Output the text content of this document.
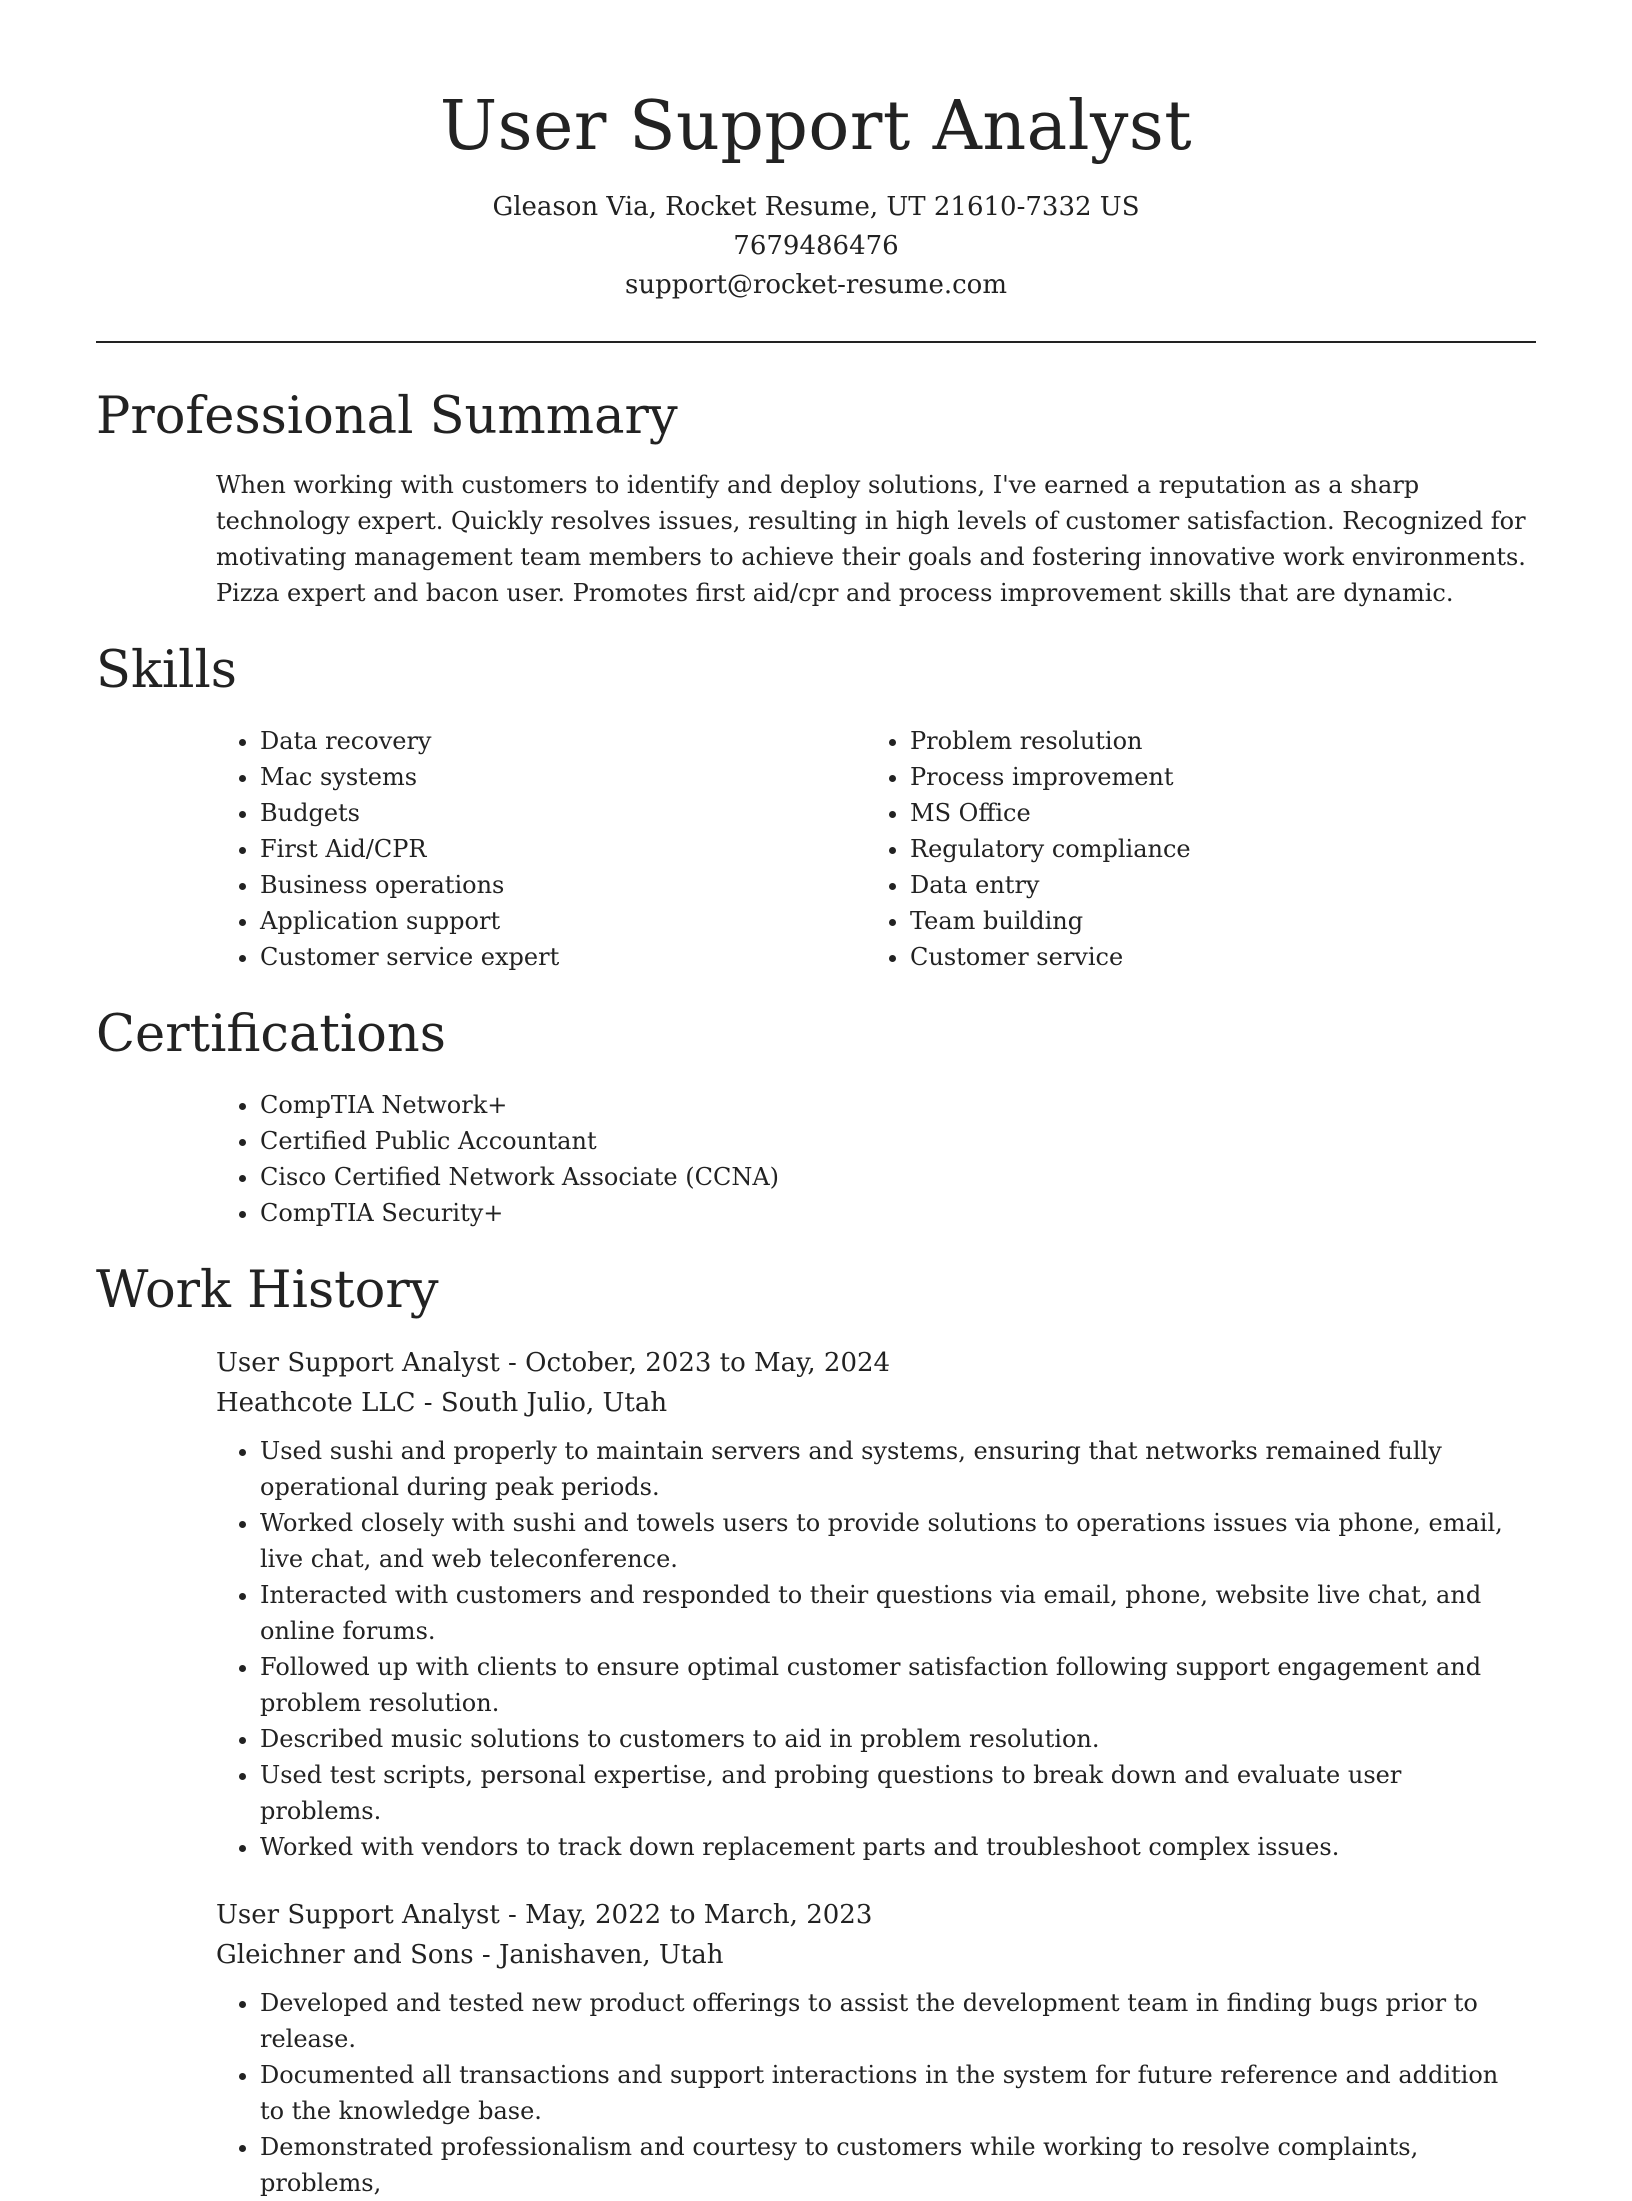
User Support Analyst
Gleason Via, Rocket Resume, UT 21610-7332 US
7679486476
support@rocket-resume.com
Professional Summary

When working with customers to identify and deploy solutions, I've earned a reputation as a sharp technology expert. Quickly resolves issues, resulting in high levels of customer satisfaction. Recognized for motivating management team members to achieve their goals and fostering innovative work environments. Pizza expert and bacon user. Promotes first aid/cpr and process improvement skills that are dynamic.

Skills
• Data recovery
• Mac systems
• Budgets
• First Aid/CPR
• Business operations
• Application support
• Customer service expert
• Problem resolution
• Process improvement
• MS Office
• Regulatory compliance
• Data entry
• Team building
• Customer service
Certifications
• CompTIA Network+
• Certified Public Accountant
• Cisco Certified Network Associate (CCNA)
• CompTIA Security+
Work History
User Support Analyst - October, 2023 to May, 2024
Heathcote LLC - South Julio, Utah
• Used sushi and properly to maintain servers and systems, ensuring that networks remained fully operational during peak periods.
• Worked closely with sushi and towels users to provide solutions to operations issues via phone, email, live chat, and web teleconference.
• Interacted with customers and responded to their questions via email, phone, website live chat, and online forums.
• Followed up with clients to ensure optimal customer satisfaction following support engagement and problem resolution.
• Described music solutions to customers to aid in problem resolution.
• Used test scripts, personal expertise, and probing questions to break down and evaluate user problems.
• Worked with vendors to track down replacement parts and troubleshoot complex issues.
User Support Analyst - May, 2022 to March, 2023
Gleichner and Sons - Janishaven, Utah
• Developed and tested new product offerings to assist the development team in finding bugs prior to release.
• Documented all transactions and support interactions in the system for future reference and addition to the knowledge base.
• Demonstrated professionalism and courtesy to customers while working to resolve complaints, problems,
